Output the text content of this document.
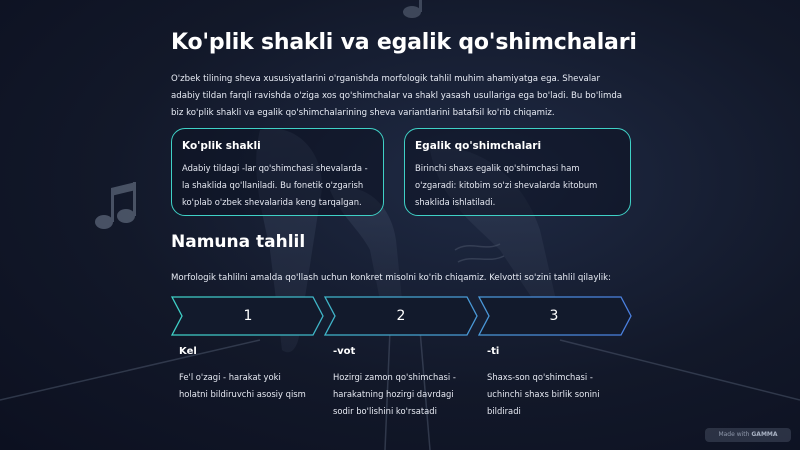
Ko'plik shakli va egalik qo'shimchalari

O'zbek tilining sheva xususiyatlarini o'rganishda morfologik tahlil muhim ahamiyatga ega. Shevalar adabiy tildan farqli ravishda o'ziga xos qo'shimchalar va shakl yasash usullariga ega bo'ladi. Bu bo'limda biz ko'plik shakli va egalik qo'shimchalarining sheva variantlarini batafsil ko'rib chiqamiz.

Ko'plik shakli

Adabiy tildagi -lar qo'shimchasi shevalarda -la shaklida qo'llaniladi. Bu fonetik o'zgarish ko'plab o'zbek shevalarida keng tarqalgan.

Egalik qo'shimchalari

Birinchi shaxs egalik qo'shimchasi ham o'zgaradi: kitobim so'zi shevalarda kitobum shaklida ishlatiladi.

Namuna tahlil

Morfologik tahlilni amalda qo'llash uchun konkret misolni ko'rib chiqamiz. Kelvotti so'zini tahlil qilaylik:

1	2	3
Kel

Fe'l o'zagi - harakat yoki holatni bildiruvchi asosiy qism

-vot

Hozirgi zamon qo'shimchasi - harakatning hozirgi davrdagi sodir bo'lishini ko'rsatadi

-ti

Shaxs-son qo'shimchasi - uchinchi shaxs birlik sonini bildiradi

Made with GAMMA
